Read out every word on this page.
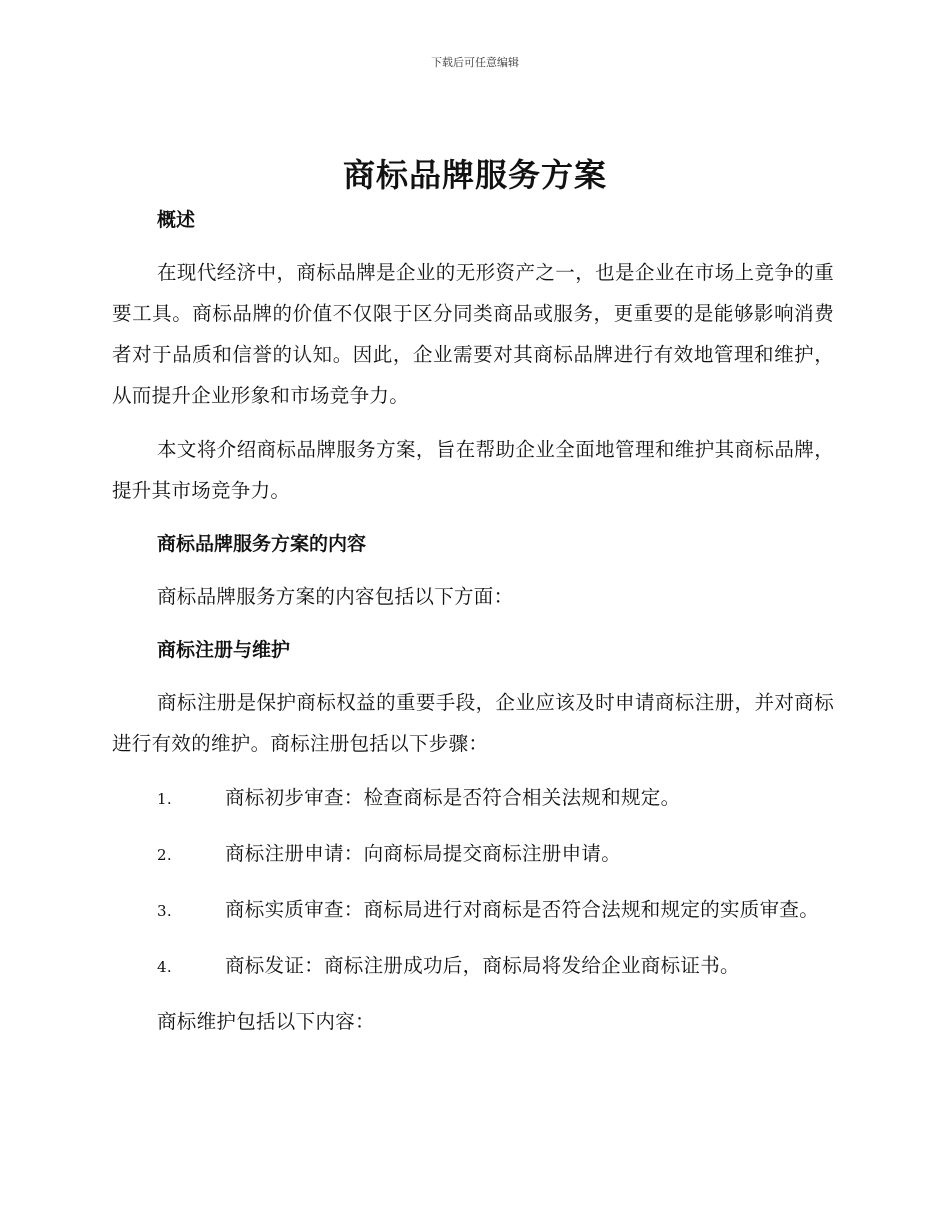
下载后可任意编辑
商标品牌服务方案
概述

在现代经济中，商标品牌是企业的无形资产之一，也是企业在市场上竞争的重要工具。商标品牌的价值不仅限于区分同类商品或服务，更重要的是能够影响消费者对于品质和信誉的认知。因此，企业需要对其商标品牌进行有效地管理和维护，从而提升企业形象和市场竞争力。

本文将介绍商标品牌服务方案，旨在帮助企业全面地管理和维护其商标品牌，提升其市场竞争力。

商标品牌服务方案的内容

商标品牌服务方案的内容包括以下方面：

商标注册与维护

商标注册是保护商标权益的重要手段，企业应该及时申请商标注册，并对商标进行有效的维护。商标注册包括以下步骤：

1.	商标初步审查：检查商标是否符合相关法规和规定。
2.	商标注册申请：向商标局提交商标注册申请。
3.	商标实质审查：商标局进行对商标是否符合法规和规定的实质审查。
4.	商标发证：商标注册成功后，商标局将发给企业商标证书。

商标维护包括以下内容：
